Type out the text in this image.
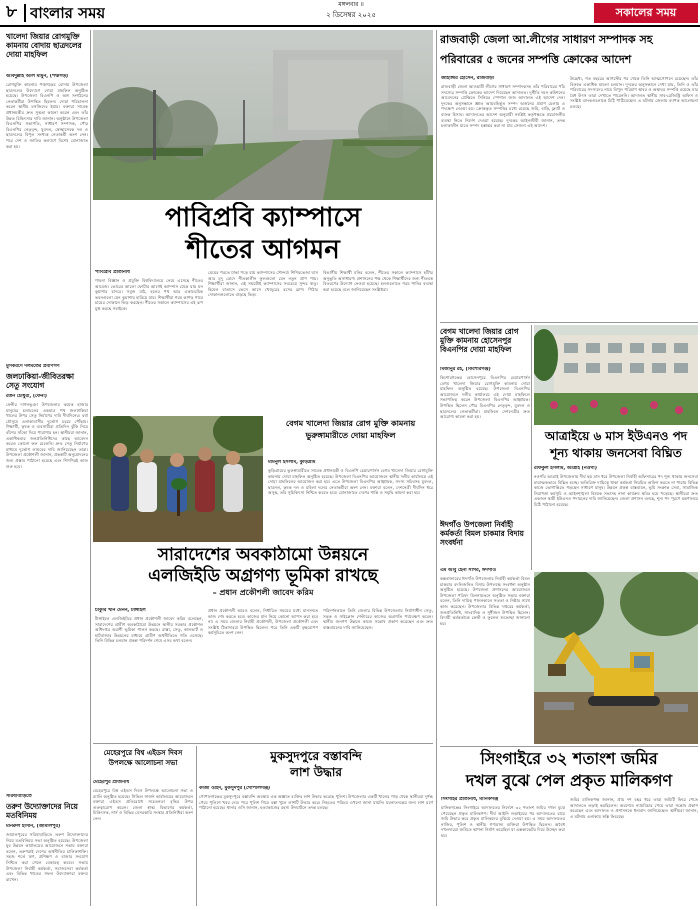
৮ বাংলার সময়	মঙ্গলবার ॥
২ ডিসেম্বর ২০২৫	সকালের সময়
খালেদা জিয়ার রোগমুক্তি কামনায় বোদায় ছাত্রদলের দোয়া মাহফিল
আবদুল্লাহ আল মামুন, (পঞ্চগড়)
রোগমুক্তি কামনায় পঞ্চগড়ের বোদায় উপজেলা ছাত্রদলের উদ্যোগে দোয়া মাহফিল অনুষ্ঠিত হয়েছে। উপজেলা বিএনপি ও অঙ্গ সংগঠনের নেতাকর্মীরা উপস্থিত ছিলেন। দোয়া পরিচালনা করেন স্থানীয় মসজিদের ইমাম। বক্তারা সাবেক প্রধানমন্ত্রীর দ্রুত সুস্থতা কামনা করেন এবং তাঁর উন্নত চিকিৎসার দাবি জানান। অনুষ্ঠানে উপজেলা বিএনপির সভাপতি, সাধারণ সম্পাদক, পৌর বিএনপির নেতৃবৃন্দ, যুবদল, স্বেচ্ছাসেবক দল ও ছাত্রদলের বিপুল সংখ্যক নেতাকর্মী অংশ নেন। পরে দেশ ও জাতির কল্যাণে বিশেষ মোনাজাত করা হয়।
মুসকরণে দলমতের প্রবীণগণ
জলঢাকিয়া-জীবিতরক্ষা সেতু সংযোগ
রতন চৌধুরী, (ফেনী)
ফেনীর দাগনভূঞা উপজেলার কয়েক হাজার মানুষের চলাচলের একমাত্র পথ জলঢাকিয়া খালের উপর সেতু নির্মাণের দাবি দীর্ঘদিনের। বর্ষা মৌসুমে এলাকাবাসীর দুর্ভোগ চরমে পৌঁছায়। শিক্ষার্থী, কৃষক ও ব্যবসায়ীরা প্রতিদিন ঝুঁকি নিয়ে বাঁশের সাঁকো দিয়ে পারাপার হন। স্থানীয়রা জানান, একাধিকবার জনপ্রতিনিধিদের কাছে আবেদন করেও কোনো ফল মেলেনি। দ্রুত সেতু নির্মাণের মাধ্যমে দুর্ভোগ লাঘবের দাবি জানিয়েছেন তারা। উপজেলা প্রকৌশলী জানান, প্রকল্পটি অনুমোদনের জন্য প্রস্তাব পাঠানো হয়েছে এবং শিগগিরই কাজ শুরু হবে।
সরিষাবাড়িতে
তরুণ উদ্যোক্তাদের নিয়ে মতবিনিময়
মনিরুল হাসান, (জামালপুর)
জামালপুরের সরিষাবাড়িতে তরুণ উদ্যোক্তাদের নিয়ে মতবিনিময় সভা অনুষ্ঠিত হয়েছে। উপজেলা যুব উন্নয়ন কার্যালয়ের আয়োজনে সভায় বক্তারা বলেন, তরুণরাই দেশের অর্থনীতির চালিকাশক্তি। সহজ শর্তে ঋণ, প্রশিক্ষণ ও বাজার সংযোগ নিশ্চিত করা গেলে বেকারত্ব কমবে। সভায় উপজেলা নির্বাহী কর্মকর্তা, সমাজসেবা কর্মকর্তা এবং বিভিন্ন খাতের সফল উদ্যোক্তারা বক্তব্য রাখেন।
পাবিপ্রবি ক্যাম্পাসে
শীতের আগমন
পাবিপ্রবি প্রতিনিধি
পাবনা বিজ্ঞান ও প্রযুক্তি বিশ্ববিদ্যালয়ে নেমে এসেছে শীতের আমেজ। ভোরের আলো ফোটার আগেই ক্যাম্পাস ঢেকে যায় ঘন কুয়াশার চাদরে। সবুজ মাঠ, হলের পথ আর একাডেমিক ভবনগুলো যেন কুয়াশায় হারিয়ে যায়। শিক্ষার্থীরা গরম কাপড় গায়ে চায়ের দোকানে ভিড় করছেন। শীতের সকালে ক্যাম্পাসের এই রূপ মুগ্ধ করছে সবাইকে।
মেঘের পরতে ঢাকা পড়ে যায় ক্যাম্পাসের সৌন্দর্য। শিশিরভেজা ঘাস আর মৃদু রোদে শীতকালীন ফুলগুলো যেন নতুন প্রাণ পায়। শিক্ষার্থীরা জানান, এই সময়টাই ক্যাম্পাসের সবচেয়ে সুন্দর ঋতু। হিমেল বাতাসে ভেসে আসে খেজুরের রসের ঘ্রাণ। পিঠার দোকানগুলোতে বাড়ছে ভিড়।
বিভাগীয় শিক্ষার্থী মনির বলেন, শীতের সকালে ক্যাম্পাসে হাঁটার অনুভূতি অসাধারণ। প্রশাসনের পক্ষ থেকে শিক্ষার্থীদের জন্য শীতবস্ত্র বিতরণের উদ্যোগ নেওয়া হয়েছে। হলগুলোতে গরম পানির ব্যবস্থা করা হয়েছে বলে জানিয়েছেন সংশ্লিষ্টরা।
সারাদেশের অবকাঠামো উন্নয়নে
এলজিইডি অগ্রগণ্য ভূমিকা রাখছে
– প্রধান প্রকৌশলী জাবেদ করিম
চাকুরি খান মেনন, টাঙ্গাইল
টাঙ্গাইলে এলজিইডির প্রধান প্রকৌশলী জাবেদ করিম বলেছেন, সারাদেশের গ্রামীণ অবকাঠামো উন্নয়নে স্থানীয় সরকার প্রকৌশল অধিদপ্তর অগ্রণী ভূমিকা পালন করছে। রাস্তা, সেতু, কালভার্ট ও হাটবাজার উন্নয়নের মাধ্যমে গ্রামীণ অর্থনীতিতে গতি এসেছে। তিনি বিভিন্ন চলমান প্রকল্প পরিদর্শন শেষে এসব কথা বলেন।
প্রধান প্রকৌশলী আরও বলেন, নির্ধারিত সময়ের মধ্যে মানসম্মত কাজ শেষ করতে হবে। কাজের মান নিয়ে কোনো আপস করা হবে না। এ সময় জেলার নির্বাহী প্রকৌশলী, উপজেলা প্রকৌশলী এবং সংশ্লিষ্ট ঠিকাদাররা উপস্থিত ছিলেন। পরে তিনি একটি বৃক্ষরোপণ কর্মসূচিতে অংশ নেন।
পরিদর্শনকালে তিনি জেলার বিভিন্ন উপজেলায় নির্মাণাধীন সেতু, সড়ক ও সাইক্লোন শেল্টারের কাজের অগ্রগতি পর্যবেক্ষণ করেন। স্থানীয় জনগণ উন্নয়ন কাজে সন্তোষ প্রকাশ করেছেন এবং দ্রুত বাস্তবায়নের দাবি জানিয়েছেন।
মেহেরপুরে বিশ্ব এইডস দিবস উপলক্ষে আলোচনা সভা
মেহেরপুর প্রতিনিধি
মেহেরপুরে বিশ্ব এইডস দিবস উপলক্ষে আলোচনা সভা ও র‍্যালি অনুষ্ঠিত হয়েছে। সিভিল সার্জন কার্যালয়ের আয়োজনে বক্তারা এইডস প্রতিরোধে সচেতনতা বৃদ্ধির উপর গুরুত্বারোপ করেন। জেলা স্বাস্থ্য বিভাগের কর্মকর্তা, চিকিৎসক, নার্স ও বিভিন্ন বেসরকারি সংস্থার প্রতিনিধিরা অংশ নেন।
মুকসুদপুরে বস্তাবন্দি
লাশ উদ্ধার
কাজী ওহিদ, মুকসুদপুর (গোপালগঞ্জ)
গোপালগঞ্জের মুকসুদপুরে বস্তাবন্দি অবস্থায় এক অজ্ঞাত ব্যক্তির লাশ উদ্ধার করেছে পুলিশ। উপজেলার একটি খালের পাড় থেকে স্থানীয়রা দুর্গন্ধ পেয়ে পুলিশে খবর দেয়। পরে পুলিশ গিয়ে বস্তা খুলে লাশটি উদ্ধার করে। নিহতের পরিচয় এখনো জানা যায়নি। ময়নাতদন্তের জন্য লাশ মর্গে পাঠানো হয়েছে। থানার ওসি জানান, হত্যাকাণ্ডের রহস্য উদঘাটনে তদন্ত চলছে।
রাজবাড়ী জেলা আ.লীগের সাধারণ সম্পাদক সহ
পরিবারের ৫ জনের সম্পত্তি ক্রোকের আদেশ
জাহাঙ্গীর হোসেন, রাজবাড়ী
রাজবাড়ী জেলা আওয়ামী লীগের সাধারণ সম্পাদকসহ তাঁর পরিবারের পাঁচ সদস্যের সম্পত্তি ক্রোকের আদেশ দিয়েছেন আদালত। দুর্নীতি দমন কমিশনের আবেদনের প্রেক্ষিতে সিনিয়র স্পেশাল জজ আদালত এই আদেশ দেন। দুদকের অনুসন্ধানে জ্ঞাত আয়বহির্ভূত সম্পদ অর্জনের প্রমাণ মেলায় এ পদক্ষেপ নেওয়া হয়। ক্রোককৃত সম্পত্তির মধ্যে রয়েছে জমি, বাড়ি, ফ্ল্যাট ও ব্যাংক হিসাব। আদালতের আদেশ অনুযায়ী সংশ্লিষ্ট কর্তৃপক্ষকে প্রয়োজনীয় ব্যবস্থা নিতে নির্দেশ দেওয়া হয়েছে। দুদকের আইনজীবী জানান, তদন্ত চলাকালীন যাতে সম্পদ হস্তান্তর করা না যায় সেজন্য এই আদেশ।
উল্লেখ্য, গত বছরের আগস্টের পর থেকে তিনি আত্মগোপনে রয়েছেন। তাঁর বিরুদ্ধে একাধিক মামলা চলমান। দুদকের অনুসন্ধানে দেখা যায়, তিনি ও তাঁর পরিবারের সদস্যদের নামে বিপুল পরিমাণ স্থাবর ও অস্থাবর সম্পত্তি রয়েছে যার বৈধ উৎস তারা দেখাতে পারেননি। আদালত স্থানীয় সাব-রেজিস্ট্রি অফিস ও সংশ্লিষ্ট ব্যাংকগুলোকে চিঠি পাঠিয়েছেন। এ ঘটনায় জেলায় ব্যাপক আলোচনা চলছে।
বেগম খালেদা জিয়ার রোগ মুক্তি কামনায় হোসেনপুর বিএনপির দোয়া মাহফিল
মিজানুর রহ, (কিশোরগঞ্জ)
কিশোরগঞ্জের হোসেনপুরে বিএনপির চেয়ারপার্সন বেগম খালেদা জিয়ার রোগমুক্তি কামনায় দোয়া মাহফিল অনুষ্ঠিত হয়েছে। উপজেলা বিএনপির আয়োজনে দলীয় কার্যালয়ে এই দোয়া মাহফিলে সভাপতিত্ব করেন উপজেলা বিএনপির আহ্বায়ক। উপস্থিত ছিলেন পৌর বিএনপির নেতৃবৃন্দ, যুবদল ও ছাত্রদলের নেতাকর্মীরা। মাহফিলে দেশনেত্রীর দ্রুত আরোগ্য কামনা করা হয়।
আত্রাইয়ে ৬ মাস ইউএনও পদ
শূন্য থাকায় জনসেবা বিঘ্নিত
রফিকুল ইসলাম, আত্রাই (নওগাঁ)
নওগাঁর আত্রাই উপজেলায় দীর্ঘ ছয় মাস ধরে উপজেলা নির্বাহী অফিসারের পদ শূন্য থাকায় জনসেবা মারাত্মকভাবে বিঘ্নিত হচ্ছে। অতিরিক্ত দায়িত্বে থাকা কর্মকর্তা নিয়মিত অফিস করতে না পারায় বিভিন্ন কাজে ভোগান্তিতে পড়ছেন সাধারণ মানুষ। উন্নয়ন প্রকল্প বাস্তবায়ন, ভূমি সংক্রান্ত সেবা, সামাজিক নিরাপত্তা কর্মসূচি ও আইনশৃঙ্খলা বিষয়ক সভাসহ নানা কার্যক্রম স্থবির হয়ে পড়েছে। স্থানীয়রা দ্রুত একজন স্থায়ী ইউএনও পদায়নের দাবি জানিয়েছেন। জেলা প্রশাসন বলছে, শূন্য পদ পূরণে মন্ত্রণালয়ে চিঠি পাঠানো হয়েছে।
বেগম খালেদা জিয়ার রোগ মুক্তি কামনায় ভুরুঙ্গামারীতে দোয়া মাহফিল
মমিনুল ইসলাম, কুড়িগ্রাম
কুড়িগ্রামের ভুরুঙ্গামারীতে সাবেক প্রধানমন্ত্রী ও বিএনপি চেয়ারপার্সন বেগম খালেদা জিয়ার রোগমুক্তি কামনায় দোয়া মাহফিল অনুষ্ঠিত হয়েছে। উপজেলা বিএনপির আয়োজনে স্থানীয় দলীয় কার্যালয়ে এই দোয়া মাহফিলের আয়োজন করা হয়। এতে উপজেলা বিএনপির আহ্বায়ক, সদস্য সচিবসহ যুবদল, ছাত্রদল, কৃষক দল ও মহিলা দলের নেতাকর্মীরা অংশ নেন। বক্তারা বলেন, দেশনেত্রী দীর্ঘদিন ধরে অসুস্থ, তাঁর সুচিকিৎসা নিশ্চিত করতে হবে। মোনাজাতে দেশের শান্তি ও সমৃদ্ধি কামনা করা হয়।
ঈদগাঁও উপজেলা নির্বাহী কর্মকর্তা বিমল চাকমার বিদায় সংবর্ধনা
এম আবু হেনা সাগর, ঈদগাঁও
কক্সবাজারের ঈদগাঁও উপজেলার নির্বাহী কর্মকর্তা বিমল চাকমার বদলিজনিত বিদায় উপলক্ষে সংবর্ধনা অনুষ্ঠান অনুষ্ঠিত হয়েছে। উপজেলা প্রশাসনের আয়োজনে উপজেলা পরিষদ মিলনায়তনে অনুষ্ঠিত সভায় বক্তারা বলেন, তিনি দায়িত্ব পালনকালে সততা ও নিষ্ঠার সাথে কাজ করেছেন। উপজেলার বিভিন্ন দপ্তরের কর্মকর্তা, জনপ্রতিনিধি, সাংবাদিক ও সুধীজন উপস্থিত ছিলেন। বিদায়ী কর্মকর্তাকে ক্রেস্ট ও ফুলেল শুভেচ্ছা জানানো হয়।
সিংগাইরে ৩২ শতাংশ জমির
দখল বুঝে পেল প্রকৃত মালিকগণ
সিংগাইর প্রতিনিধি, মানিকগঞ্জ
মানিকগঞ্জের সিংগাইরে আদালতের নির্দেশে ৩২ শতাংশ জমির দখল বুঝে পেয়েছেন প্রকৃত মালিকগণ। দীর্ঘ আইনি লড়াইয়ের পর আদালতের রায়ে জমি উদ্ধার করে প্রকৃত মালিকদের বুঝিয়ে দেওয়া হয়। এ সময় আদালতের নাজির, পুলিশ ও স্থানীয় গণ্যমান্য ব্যক্তিরা উপস্থিত ছিলেন। অবৈধ দখলদাররা জমিতে স্থাপনা নির্মাণ করেছিল যা এক্সকাভেটর দিয়ে উচ্ছেদ করা হয়।
জমির মালিকপক্ষ জানান, প্রায় দশ বছর ধরে তারা জমিটি ফিরে পেতে আদালতে লড়াই করছিলেন। অবশেষে ন্যায়বিচার পেয়ে তারা সন্তোষ প্রকাশ করেছেন এবং আদালত ও প্রশাসনকে ধন্যবাদ জানিয়েছেন। স্থানীয়রা জানান, এ ঘটনায় এলাকায় স্বস্তি ফিরেছে।
